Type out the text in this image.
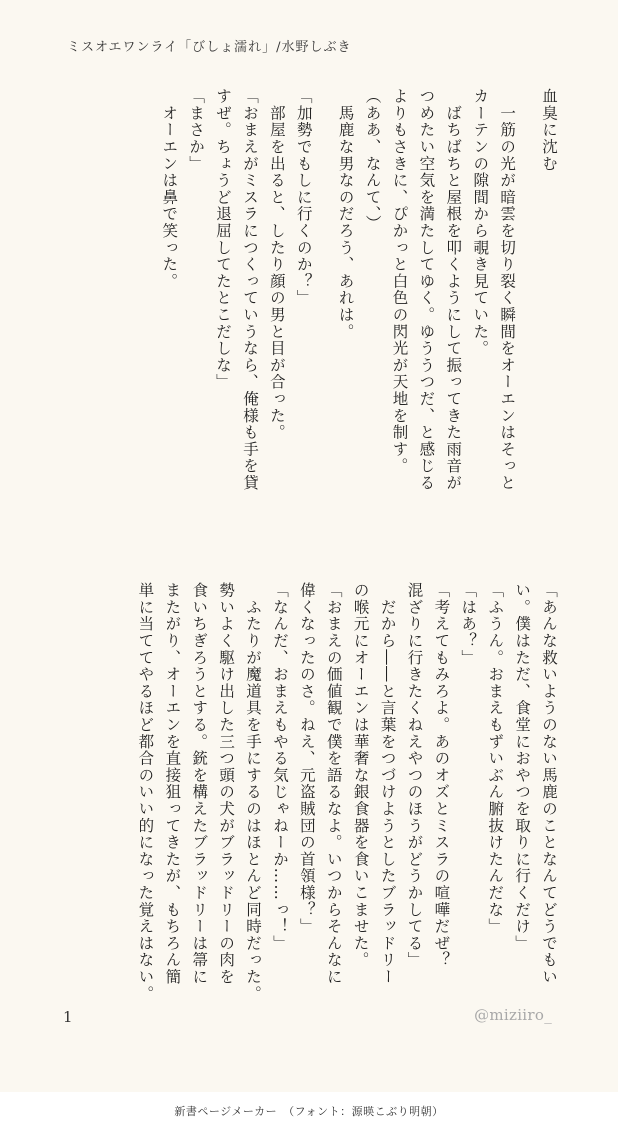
ミスオエワンライ「びしょ濡れ」/水野しぶき
血臭に沈む
　一筋の光が暗雲を切り裂く瞬間をオーエンはそっと
カーテンの隙間から覗き見ていた。
　ばちばちと屋根を叩くようにして振ってきた雨音が
つめたい空気を満たしてゆく。ゆううつだ、と感じる
よりもさきに、ぴかっと白色の閃光が天地を制す。
（ああ、なんて、）
　馬鹿な男なのだろう、あれは。
「加勢でもしに行くのか？」
　部屋を出ると、したり顔の男と目が合った。
「おまえがミスラにつくっていうなら、俺様も手を貸
すぜ。ちょうど退屈してたとこだしな」
「まさか」
　オーエンは鼻で笑った。
「あんな救いようのない馬鹿のことなんてどうでもい
い。僕はただ、食堂におやつを取りに行くだけ」
「ふうん。おまえもずいぶん腑抜けたんだな」
「はあ？」
「考えてもみろよ。あのオズとミスラの喧嘩だぜ？
混ざりに行きたくねえやつのほうがどうかしてる」
　だから――と言葉をつづけようとしたブラッドリー
の喉元にオーエンは華奢な銀食器を食いこませた。
「おまえの価値観で僕を語るなよ。いつからそんなに
偉くなったのさ。ねえ、元盗賊団の首領様？」
「なんだ、おまえもやる気じゃねーか……っ！」
　ふたりが魔道具を手にするのはほとんど同時だった。
勢いよく駆け出した三つ頭の犬がブラッドリーの肉を
食いちぎろうとする。銃を構えたブラッドリーは箒に
またがり、オーエンを直接狙ってきたが、もちろん簡
単に当ててやるほど都合のいい的になった覚えはない。
1	@miziiro_
新書ページメーカー　（フォント：源暎こぶり明朝）
